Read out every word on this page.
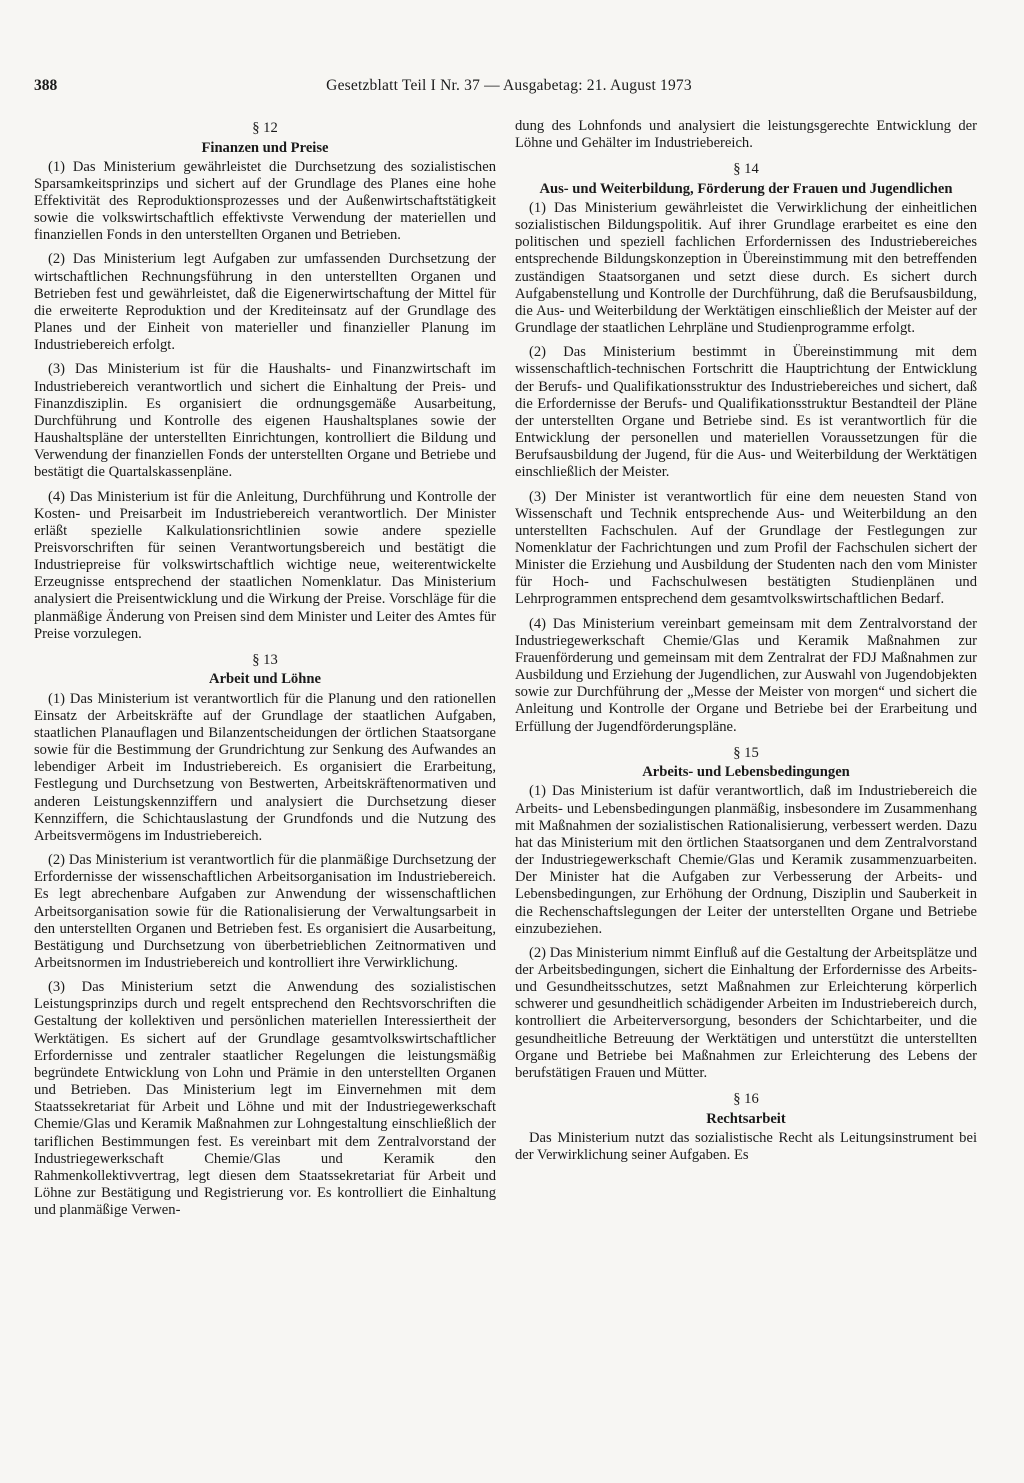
388	Gesetzblatt Teil I Nr. 37 — Ausgabetag: 21. August 1973
§ 12
Finanzen und Preise

(1) Das Ministerium gewährleistet die Durchsetzung des sozialistischen Sparsamkeitsprinzips und sichert auf der Grundlage des Planes eine hohe Effektivität des Reproduktionsprozesses und der Außenwirtschaftstätigkeit sowie die volkswirtschaftlich effektivste Verwendung der materiellen und finanziellen Fonds in den unterstellten Organen und Betrieben.

(2) Das Ministerium legt Aufgaben zur umfassenden Durchsetzung der wirtschaftlichen Rechnungsführung in den unterstellten Organen und Betrieben fest und gewährleistet, daß die Eigenerwirtschaftung der Mittel für die erweiterte Reproduktion und der Krediteinsatz auf der Grundlage des Planes und der Einheit von materieller und finanzieller Planung im Industriebereich erfolgt.

(3) Das Ministerium ist für die Haushalts- und Finanzwirtschaft im Industriebereich verantwortlich und sichert die Einhaltung der Preis- und Finanzdisziplin. Es organisiert die ordnungsgemäße Ausarbeitung, Durchführung und Kontrolle des eigenen Haushaltsplanes sowie der Haushaltspläne der unterstellten Einrichtungen, kontrolliert die Bildung und Verwendung der finanziellen Fonds der unterstellten Organe und Betriebe und bestätigt die Quartalskassenpläne.

(4) Das Ministerium ist für die Anleitung, Durchführung und Kontrolle der Kosten- und Preisarbeit im Industriebereich verantwortlich. Der Minister erläßt spezielle Kalkulationsrichtlinien sowie andere spezielle Preisvorschriften für seinen Verantwortungsbereich und bestätigt die Industriepreise für volkswirtschaftlich wichtige neue, weiterentwickelte Erzeugnisse entsprechend der staatlichen Nomenklatur. Das Ministerium analysiert die Preisentwicklung und die Wirkung der Preise. Vorschläge für die planmäßige Änderung von Preisen sind dem Minister und Leiter des Amtes für Preise vorzulegen.

§ 13
Arbeit und Löhne

(1) Das Ministerium ist verantwortlich für die Planung und den rationellen Einsatz der Arbeitskräfte auf der Grundlage der staatlichen Aufgaben, staatlichen Planauflagen und Bilanzentscheidungen der örtlichen Staatsorgane sowie für die Bestimmung der Grundrichtung zur Senkung des Aufwandes an lebendiger Arbeit im Industriebereich. Es organisiert die Erarbeitung, Festlegung und Durchsetzung von Bestwerten, Arbeitskräftenormativen und anderen Leistungskennziffern und analysiert die Durchsetzung dieser Kennziffern, die Schichtauslastung der Grundfonds und die Nutzung des Arbeitsvermögens im Industriebereich.

(2) Das Ministerium ist verantwortlich für die planmäßige Durchsetzung der Erfordernisse der wissenschaftlichen Arbeitsorganisation im Industriebereich. Es legt abrechenbare Aufgaben zur Anwendung der wissenschaftlichen Arbeitsorganisation sowie für die Rationalisierung der Verwaltungsarbeit in den unterstellten Organen und Betrieben fest. Es organisiert die Ausarbeitung, Bestätigung und Durchsetzung von überbetrieblichen Zeitnormativen und Arbeitsnormen im Industriebereich und kontrolliert ihre Verwirklichung.

(3) Das Ministerium setzt die Anwendung des sozialistischen Leistungsprinzips durch und regelt entsprechend den Rechtsvorschriften die Gestaltung der kollektiven und persönlichen materiellen Interessiertheit der Werktätigen. Es sichert auf der Grundlage gesamtvolkswirtschaftlicher Erfordernisse und zentraler staatlicher Regelungen die leistungsmäßig begründete Entwicklung von Lohn und Prämie in den unterstellten Organen und Betrieben. Das Ministerium legt im Einvernehmen mit dem Staatssekretariat für Arbeit und Löhne und mit der Industriegewerkschaft Chemie/Glas und Keramik Maßnahmen zur Lohngestaltung einschließlich der tariflichen Bestimmungen fest. Es vereinbart mit dem Zentralvorstand der Industriegewerkschaft Chemie/Glas und Keramik den Rahmenkollektivvertrag, legt diesen dem Staatssekretariat für Arbeit und Löhne zur Bestätigung und Registrierung vor. Es kontrolliert die Einhaltung und planmäßige Verwen-

dung des Lohnfonds und analysiert die leistungsgerechte Entwicklung der Löhne und Gehälter im Industriebereich.

§ 14
Aus- und Weiterbildung, Förderung der Frauen und Jugendlichen

(1) Das Ministerium gewährleistet die Verwirklichung der einheitlichen sozialistischen Bildungspolitik. Auf ihrer Grundlage erarbeitet es eine den politischen und speziell fachlichen Erfordernissen des Industriebereiches entsprechende Bildungskonzeption in Übereinstimmung mit den betreffenden zuständigen Staatsorganen und setzt diese durch. Es sichert durch Aufgabenstellung und Kontrolle der Durchführung, daß die Berufsausbildung, die Aus- und Weiterbildung der Werktätigen einschließlich der Meister auf der Grundlage der staatlichen Lehrpläne und Studienprogramme erfolgt.

(2) Das Ministerium bestimmt in Übereinstimmung mit dem wissenschaftlich-technischen Fortschritt die Hauptrichtung der Entwicklung der Berufs- und Qualifikationsstruktur des Industriebereiches und sichert, daß die Erfordernisse der Berufs- und Qualifikationsstruktur Bestandteil der Pläne der unterstellten Organe und Betriebe sind. Es ist verantwortlich für die Entwicklung der personellen und materiellen Voraussetzungen für die Berufsausbildung der Jugend, für die Aus- und Weiterbildung der Werktätigen einschließlich der Meister.

(3) Der Minister ist verantwortlich für eine dem neuesten Stand von Wissenschaft und Technik entsprechende Aus- und Weiterbildung an den unterstellten Fachschulen. Auf der Grundlage der Festlegungen zur Nomenklatur der Fachrichtungen und zum Profil der Fachschulen sichert der Minister die Erziehung und Ausbildung der Studenten nach den vom Minister für Hoch- und Fachschulwesen bestätigten Studienplänen und Lehrprogrammen entsprechend dem gesamtvolkswirtschaftlichen Bedarf.

(4) Das Ministerium vereinbart gemeinsam mit dem Zentralvorstand der Industriegewerkschaft Chemie/Glas und Keramik Maßnahmen zur Frauenförderung und gemeinsam mit dem Zentralrat der FDJ Maßnahmen zur Ausbildung und Erziehung der Jugendlichen, zur Auswahl von Jugendobjekten sowie zur Durchführung der „Messe der Meister von morgen“ und sichert die Anleitung und Kontrolle der Organe und Betriebe bei der Erarbeitung und Erfüllung der Jugendförderungspläne.

§ 15
Arbeits- und Lebensbedingungen

(1) Das Ministerium ist dafür verantwortlich, daß im Industriebereich die Arbeits- und Lebensbedingungen planmäßig, insbesondere im Zusammenhang mit Maßnahmen der sozialistischen Rationalisierung, verbessert werden. Dazu hat das Ministerium mit den örtlichen Staatsorganen und dem Zentralvorstand der Industriegewerkschaft Chemie/Glas und Keramik zusammenzuarbeiten. Der Minister hat die Aufgaben zur Verbesserung der Arbeits- und Lebensbedingungen, zur Erhöhung der Ordnung, Disziplin und Sauberkeit in die Rechenschaftslegungen der Leiter der unterstellten Organe und Betriebe einzubeziehen.

(2) Das Ministerium nimmt Einfluß auf die Gestaltung der Arbeitsplätze und der Arbeitsbedingungen, sichert die Einhaltung der Erfordernisse des Arbeits- und Gesundheitsschutzes, setzt Maßnahmen zur Erleichterung körperlich schwerer und gesundheitlich schädigender Arbeiten im Industriebereich durch, kontrolliert die Arbeiterversorgung, besonders der Schichtarbeiter, und die gesundheitliche Betreuung der Werktätigen und unterstützt die unterstellten Organe und Betriebe bei Maßnahmen zur Erleichterung des Lebens der berufstätigen Frauen und Mütter.

§ 16
Rechtsarbeit

Das Ministerium nutzt das sozialistische Recht als Leitungsinstrument bei der Verwirklichung seiner Aufgaben. Es
